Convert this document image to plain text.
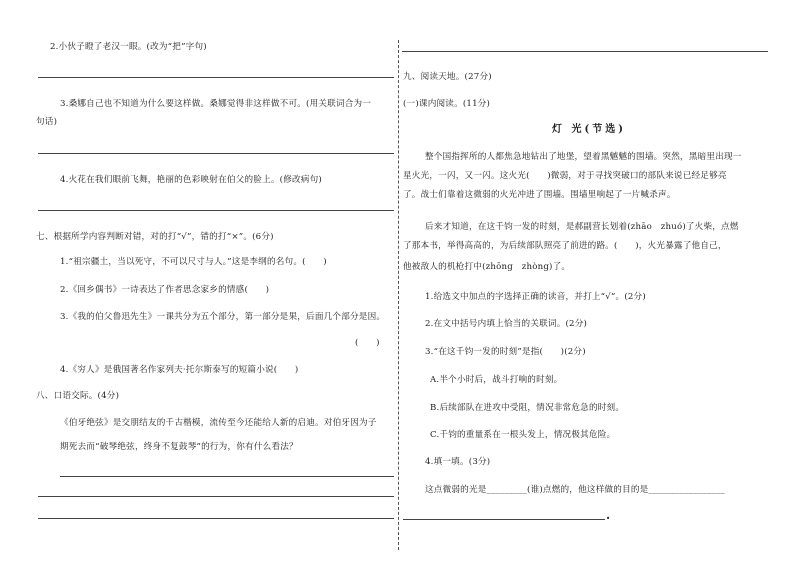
2.小伙子瞪了老汉一眼。(改为“把”字句)
3.桑娜自己也不知道为什么要这样做。桑娜觉得非这样做不可。(用关联词合为一
句话)
4.火花在我们眼前飞舞，艳丽的色彩映射在伯父的脸上。(修改病句)
七、根据所学内容判断对错，对的打“√”，错的打“×”。(6分)
1.“祖宗疆土，当以死守，不可以尺寸与人。”这是李纲的名句。(　　)
2.《回乡偶书》一诗表达了作者思念家乡的情感(　　)
3.《我的伯父鲁迅先生》一课共分为五个部分，第一部分是果，后面几个部分是因。
(　　)
4.《穷人》是俄国著名作家列夫·托尔斯泰写的短篇小说(　　)
八、口语交际。(4分)
《伯牙绝弦》是交朋结友的千古楷模，流传至今还能给人新的启迪。对伯牙因为子
期死去而“破琴绝弦，终身不复鼓琴”的行为，你有什么看法？
九、阅读天地。(27分)
(一)课内阅读。(11分)
灯 光(节选)
整个国指挥所的人都焦急地钻出了地堡，望着黑魆魆的围墙。突然，黑暗里出现一
星火光，一闪，又一闪。这火光(　　)微弱，对于寻找突破口的部队来说已经足够亮
了。战士们靠着这微弱的火光冲进了围墙。围墙里响起了一片喊杀声。
后来才知道，在这千钧一发的时刻，是郝副营长划着(zhāo　zhuó)了火柴，点燃
了那本书，举得高高的，为后续部队照亮了前进的路。(　　)，火光暴露了他自己，
他被敌人的机枪打中(zhōng　zhòng)了。
1.给选文中加点的字选择正确的读音，并打上“√”。(2分)
2.在文中括号内填上恰当的关联词。(2分)
3.“在这千钧一发的时刻”是指(　　)(2分)
A.半个小时后，战斗打响的时刻。
B.后续部队在进攻中受阻，情况非常危急的时刻。
C.千钧的重量系在一根头发上，情况极其危险。
4.填一填。(3分)
这点微弱的光是_________(谁)点燃的，他这样做的目的是_________________
.
